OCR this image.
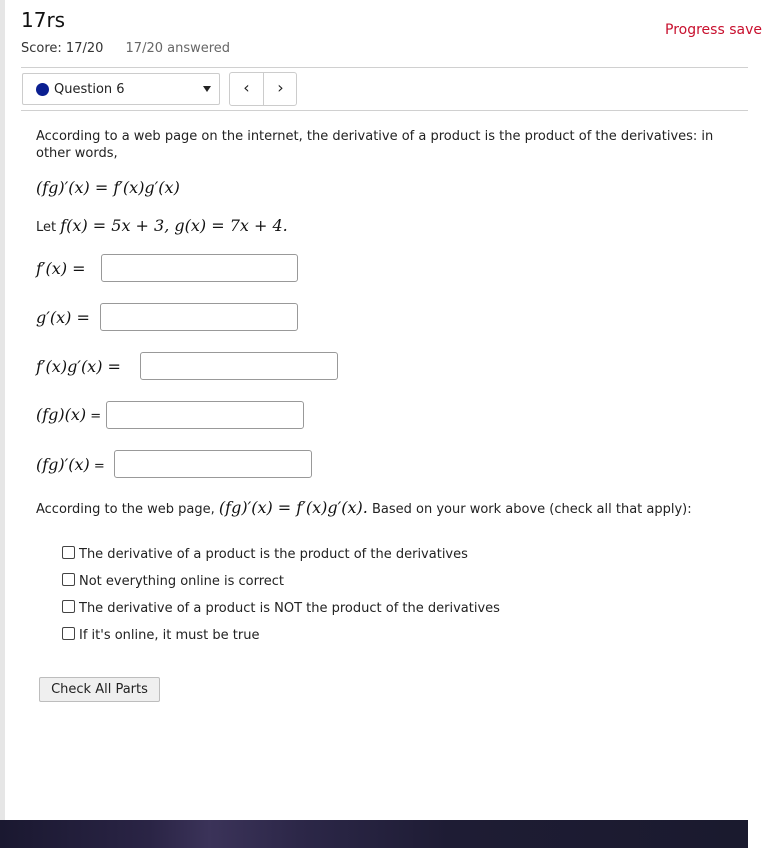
17rs	Progress save
Score: 17/20 17/20 answered
Question 6	‹	›
According to a web page on the internet, the derivative of a product is the product of the derivatives: in other words,
(fg)′(x) = f′(x)g′(x)
Let f(x) = 5x + 3, g(x) = 7x + 4.
f′(x) =
g′(x) =
f′(x)g′(x) =
(fg)(x) =
(fg)′(x) =
According to the web page, (fg)′(x) = f′(x)g′(x). Based on your work above (check all that apply):
The derivative of a product is the product of the derivatives
Not everything online is correct
The derivative of a product is NOT the product of the derivatives
If it's online, it must be true
Check All Parts
